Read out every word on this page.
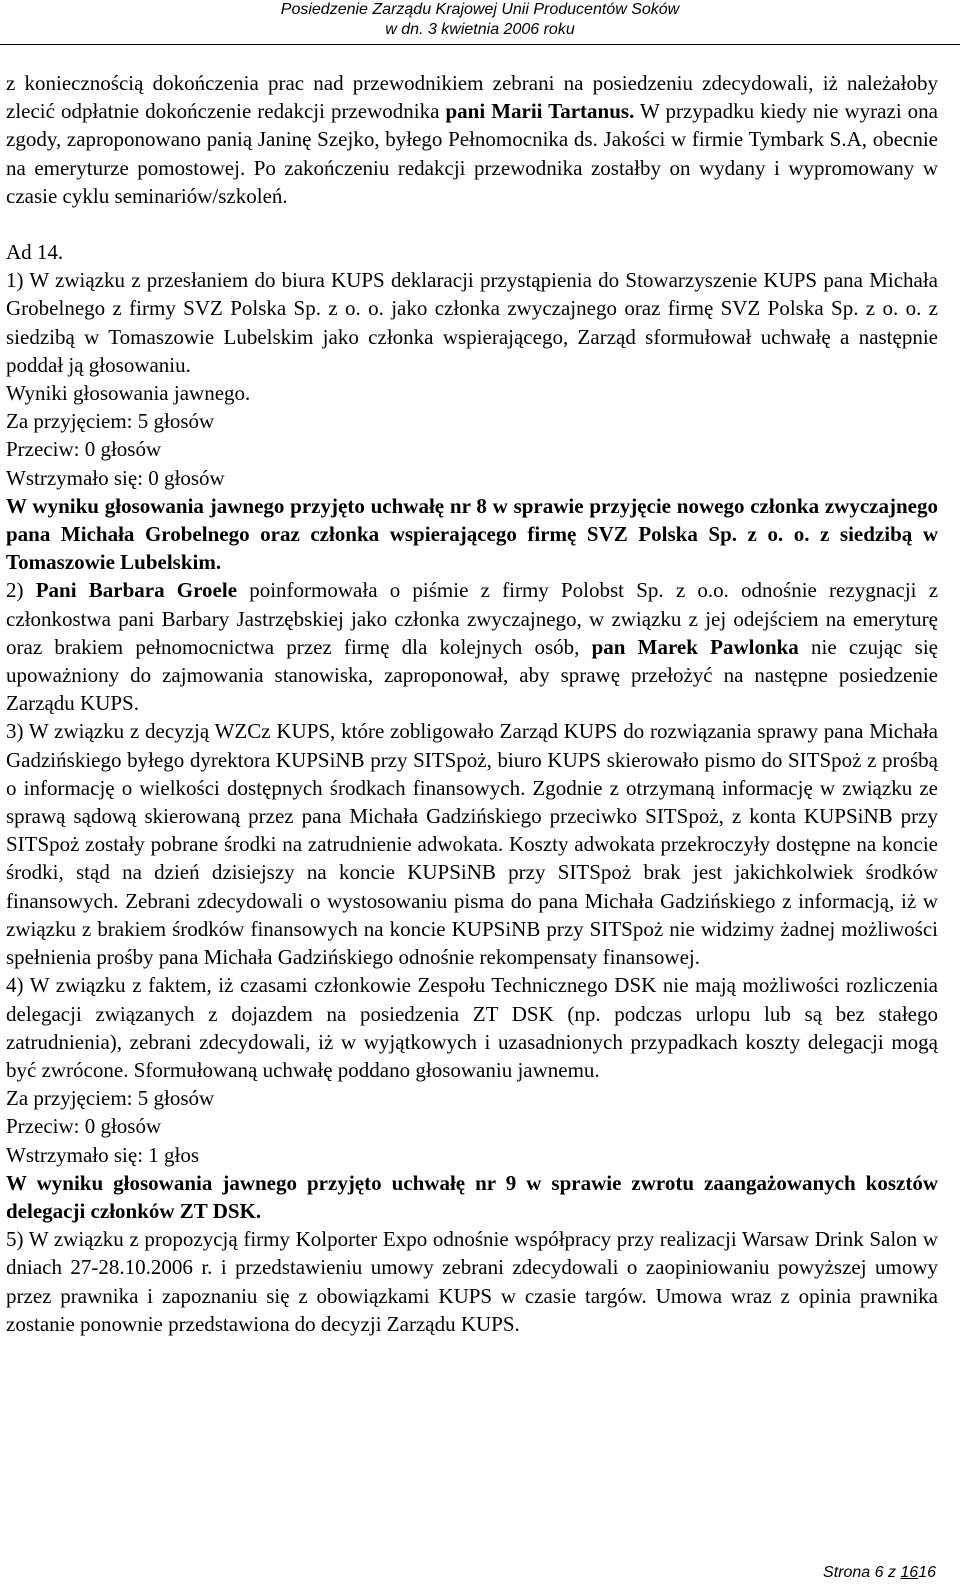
Posiedzenie Zarządu Krajowej Unii Producentów Soków
w dn. 3 kwietnia 2006 roku

z koniecznością dokończenia prac nad przewodnikiem zebrani na posiedzeniu zdecydowali, iż należałoby zlecić odpłatnie dokończenie redakcji przewodnika pani Marii Tartanus. W przypadku kiedy nie wyrazi ona zgody, zaproponowano panią Janinę Szejko, byłego Pełnomocnika ds. Jakości w firmie Tymbark S.A, obecnie na emeryturze pomostowej. Po zakończeniu redakcji przewodnika zostałby on wydany i wypromowany w czasie cyklu seminariów/szkoleń.

Ad 14.

1) W związku z przesłaniem do biura KUPS deklaracji przystąpienia do Stowarzyszenie KUPS pana Michała Grobelnego z firmy SVZ Polska Sp. z o. o. jako członka zwyczajnego oraz firmę SVZ Polska Sp. z o. o. z siedzibą w Tomaszowie Lubelskim jako członka wspierającego, Zarząd sformułował uchwałę a następnie poddał ją głosowaniu.

Wyniki głosowania jawnego.

Za przyjęciem: 5 głosów

Przeciw: 0 głosów

Wstrzymało się: 0 głosów

W wyniku głosowania jawnego przyjęto uchwałę nr 8 w sprawie przyjęcie nowego członka zwyczajnego pana Michała Grobelnego oraz członka wspierającego firmę SVZ Polska Sp. z o. o. z siedzibą w Tomaszowie Lubelskim.

2) Pani Barbara Groele poinformowała o piśmie z firmy Polobst Sp. z o.o. odnośnie rezygnacji z członkostwa pani Barbary Jastrzębskiej jako członka zwyczajnego, w związku z jej odejściem na emeryturę oraz brakiem pełnomocnictwa przez firmę dla kolejnych osób, pan Marek Pawlonka nie czując się upoważniony do zajmowania stanowiska, zaproponował, aby sprawę przełożyć na następne posiedzenie Zarządu KUPS.

3) W związku z decyzją WZCz KUPS, które zobligowało Zarząd KUPS do rozwiązania sprawy pana Michała Gadzińskiego byłego dyrektora KUPSiNB przy SITSpoż, biuro KUPS skierowało pismo do SITSpoż z prośbą o informację o wielkości dostępnych środkach finansowych. Zgodnie z otrzymaną informację w związku ze sprawą sądową skierowaną przez pana Michała Gadzińskiego przeciwko SITSpoż, z konta KUPSiNB przy SITSpoż zostały pobrane środki na zatrudnienie adwokata. Koszty adwokata przekroczyły dostępne na koncie środki, stąd na dzień dzisiejszy na koncie KUPSiNB przy SITSpoż brak jest jakichkolwiek środków finansowych. Zebrani zdecydowali o wystosowaniu pisma do pana Michała Gadzińskiego z informacją, iż w związku z brakiem środków finansowych na koncie KUPSiNB przy SITSpoż nie widzimy żadnej możliwości spełnienia prośby pana Michała Gadzińskiego odnośnie rekompensaty finansowej.

4) W związku z faktem, iż czasami członkowie Zespołu Technicznego DSK nie mają możliwości rozliczenia delegacji związanych z dojazdem na posiedzenia ZT DSK (np. podczas urlopu lub są bez stałego zatrudnienia), zebrani zdecydowali, iż w wyjątkowych i uzasadnionych przypadkach koszty delegacji mogą być zwrócone. Sformułowaną uchwałę poddano głosowaniu jawnemu.

Za przyjęciem: 5 głosów

Przeciw: 0 głosów

Wstrzymało się: 1 głos

W wyniku głosowania jawnego przyjęto uchwałę nr 9 w sprawie zwrotu zaangażowanych kosztów delegacji członków ZT DSK.

5) W związku z propozycją firmy Kolporter Expo odnośnie współpracy przy realizacji Warsaw Drink Salon w dniach 27-28.10.2006 r. i przedstawieniu umowy zebrani zdecydowali o zaopiniowaniu powyższej umowy przez prawnika i zapoznaniu się z obowiązkami KUPS w czasie targów. Umowa wraz z opinia prawnika zostanie ponownie przedstawiona do decyzji Zarządu KUPS.

Strona 6 z 1616
